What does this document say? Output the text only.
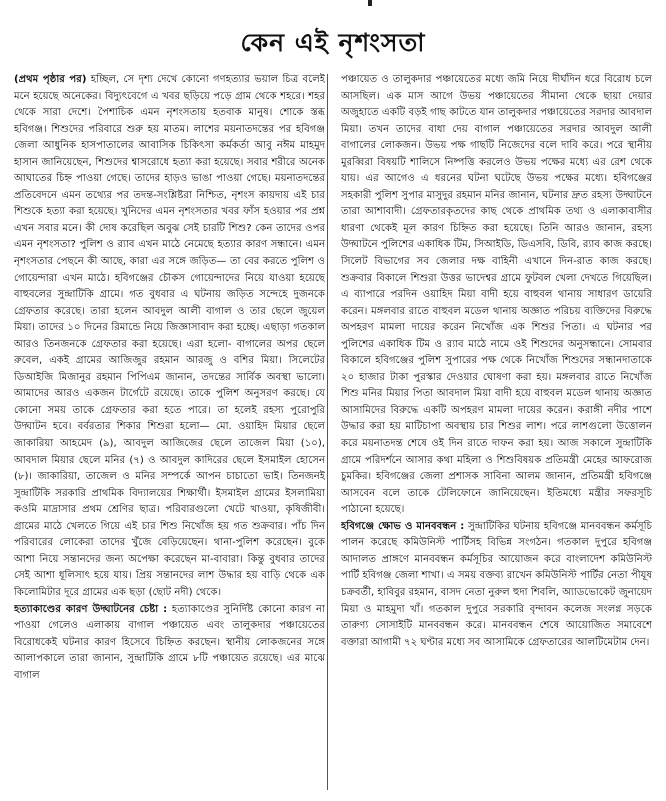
কেন এই নৃশংসতা

(প্রথম পৃষ্ঠার পর) হচ্ছিল, সে দৃশ্য দেখে কোনো গণহত্যার ভয়াল চিত্র বলেই মনে হয়েছে অনেকের। বিদ্যুৎবেগে এ খবর ছড়িয়ে পড়ে গ্রাম থেকে শহরে। শহর থেকে সারা দেশে। পৈশাচিক এমন নৃশংসতায় হতবাক মানুষ। শোকে স্তব্ধ হবিগঞ্জ। শিশুদের পরিবারে শুরু হয় মাতম। লাশের ময়নাতদন্তের পর হবিগঞ্জ জেলা আধুনিক হাসপাতালের আবাসিক চিকিৎসা কর্মকর্তা আবু নঈম মাহমুদ হাসান জানিয়েছেন, শিশুদের শ্বাসরোধে হত্যা করা হয়েছে। সবার শরীরে অনেক আঘাতের চিহ্ন পাওয়া গেছে। তাদের হাড়ও ভাঙা পাওয়া গেছে। ময়নাতদন্তের প্রতিবেদনে এমন তথ্যের পর তদন্ত-সংশ্লিষ্টরা নিশ্চিত, নৃশংস কায়দায় এই চার শিশুকে হত্যা করা হয়েছে। খুনিদের এমন নৃশংসতার খবর ফাঁস হওয়ার পর প্রশ্ন এখন সবার মনে। কী দোষ করেছিল অবুঝ সেই চারটি শিশু? কেন তাদের ওপর এমন নৃশংসতা? পুলিশ ও র‍্যাব এখন মাঠে নেমেছে হত্যার কারণ সন্ধানে। এমন নৃশংসতার পেছনে কী আছে, কারা এর সঙ্গে জড়িত— তা বের করতে পুলিশ ও গোয়েন্দারা এখন মাঠে। হবিগঞ্জের চৌকস গোয়েন্দাদের নিয়ে যাওয়া হয়েছে বাহুবলের সুন্দ্রাটিকি গ্রামে। গত বুধবার এ ঘটনায় জড়িত সন্দেহে দুজনকে গ্রেফতার করেছে। তারা হলেন আবদুল আলী বাগাল ও তার ছেলে জুয়েল মিয়া। তাদের ১০ দিনের রিমান্ডে নিয়ে জিজ্ঞাসাবাদ করা হচ্ছে। এছাড়া গতকাল আরও তিনজনকে গ্রেফতার করা হয়েছে। এরা হলো- বাগালের অপর ছেলে রুবেল, একই গ্রামের আজিজুর রহমান আরজু ও বশির মিয়া। সিলেটের ডিআইজি মিজানুর রহমান পিপিএম জানান, তদন্তের সার্বিক অবস্থা ভালো। আমাদের আরও একজন টার্গেটে রয়েছে। তাকে পুলিশ অনুসরণ করছে। যে কোনো সময় তাকে গ্রেফতার করা হতে পারে। তা হলেই রহস্য পুরোপুরি উদ্ঘাটন হবে। বর্বরতার শিকার শিশুরা হলো— মো. ওয়াহিদ মিয়ার ছেলে জাকারিয়া আহমেদ (৯), আবদুল আজিজের ছেলে তাজেল মিয়া (১০), আবদাল মিয়ার ছেলে মনির (৭) ও আবদুল কাদিরের ছেলে ইসমাইল হোসেন (৮)। জাকারিয়া, তাজেল ও মনির সম্পর্কে আপন চাচাতো ভাই। তিনজনই সুন্দ্রাটিকি সরকারি প্রাথমিক বিদ্যালয়ের শিক্ষার্থী। ইসমাইল গ্রামের ইসলামিয়া কওমি মাদ্রাসার প্রথম শ্রেণির ছাত্র। পরিবারগুলো খেটে খাওয়া, কৃষিজীবী। গ্রামের মাঠে খেলতে গিয়ে এই চার শিশু নিখোঁজ হয় গত শুক্রবার। পাঁচ দিন পরিবারের লোকেরা তাদের খুঁজে বেড়িয়েছেন। থানা-পুলিশ করেছেন। বুকে আশা নিয়ে সন্তানদের জন্য অপেক্ষা করেছেন মা-বাবারা। কিন্তু বুধবার তাদের সেই আশা ধূলিসাৎ হয়ে যায়। প্রিয় সন্তানদের লাশ উদ্ধার হয় বাড়ি থেকে এক কিলোমিটার দূরে গ্রামের এক ছড়া (ছোট নদী) থেকে।

হত্যাকাণ্ডের কারণ উদ্ঘাটনের চেষ্টা : হত্যাকাণ্ডের সুনির্দিষ্ট কোনো কারণ না পাওয়া গেলেও এলাকায় বাগাল পঞ্চায়েত এবং তালুকদার পঞ্চায়েতের বিরোধকেই ঘটনার কারণ হিসেবে চিহ্নিত করছেন। স্থানীয় লোকজনের সঙ্গে আলাপকালে তারা জানান, সুন্দ্রাটিকি গ্রামে ৮টি পঞ্চায়েত রয়েছে। এর মাঝে বাগাল

পঞ্চায়েত ও তালুকদার পঞ্চায়েতের মধ্যে জমি নিয়ে দীর্ঘদিন ধরে বিরোধ চলে আসছিল। এক মাস আগে উভয় পঞ্চায়েতের সীমানা থেকে ছায়া দেয়ার অজুহাতে একটি বড়ই গাছ কাটতে যান তালুকদার পঞ্চায়েতের সরদার আবদাল মিয়া। তখন তাদের বাধা দেয় বাগাল পঞ্চায়েতের সরদার আবদুল আলী বাগালের লোকজন। উভয় পক্ষ গাছটি নিজেদের বলে দাবি করে। পরে স্থানীয় মুরব্বিরা বিষয়টি শালিসে নিষ্পত্তি করলেও উভয় পক্ষের মধ্যে এর রেশ থেকে যায়। এর আগেও এ ধরনের ঘটনা ঘটেছে উভয় পক্ষের মধ্যে। হবিগঞ্জের সহকারী পুলিশ সুপার মাসুদুর রহমান মনির জানান, ঘটনার দ্রুত রহস্য উদ্ঘাটনে তারা আশাবাদী। গ্রেফতারকৃতদের কাছ থেকে প্রাথমিক তথ্য ও এলাকাবাসীর ধারণা থেকেই মূল কারণ চিহ্নিত করা হয়েছে। তিনি আরও জানান, রহস্য উদ্ঘাটনে পুলিশের একাধিক টিম, সিআইডি, ডিএসবি, ডিবি, র‍্যাব কাজ করছে। সিলেট বিভাগের সব জেলার দক্ষ বাহিনী এখানে দিন-রাত কাজ করছে। শুক্রবার বিকালে শিশুরা উত্তর ভাদেশ্বর গ্রামে ফুটবল খেলা দেখতে গিয়েছিল। এ ব্যাপারে পরদিন ওয়াহিদ মিয়া বাদী হয়ে বাহুবল থানায় সাধারণ ডায়েরি করেন। মঙ্গলবার রাতে বাহুবল মডেল থানায় অজ্ঞাত পরিচয় ব্যক্তিদের বিরুদ্ধে অপহরণ মামলা দায়ের করেন নিখোঁজ এক শিশুর পিতা। এ ঘটনার পর পুলিশের একাধিক টিম ও র‍্যাব মাঠে নামে ওই শিশুদের অনুসন্ধানে। সোমবার বিকালে হবিগঞ্জের পুলিশ সুপারের পক্ষ থেকে নিখোঁজ শিশুদের সন্ধানদাতাকে ২০ হাজার টাকা পুরস্কার দেওয়ার ঘোষণা করা হয়। মঙ্গলবার রাতে নিখোঁজ শিশু মনির মিয়ার পিতা আবদাল মিয়া বাদী হয়ে বাহুবল মডেল থানায় অজ্ঞাত আসামিদের বিরুদ্ধে একটি অপহরণ মামলা দায়ের করেন। করাঙ্গী নদীর পাশে উদ্ধার করা হয় মাটিচাপা অবস্থায় চার শিশুর লাশ। পরে লাশগুলো উত্তোলন করে ময়নাতদন্ত শেষে ওই দিন রাতে দাফন করা হয়। আজ সকালে সুন্দ্রাটিকি গ্রামে পরিদর্শনে আসার কথা মহিলা ও শিশুবিষয়ক প্রতিমন্ত্রী মেহের আফরোজ চুমকির। হবিগঞ্জের জেলা প্রশাসক সাবিনা আলম জানান, প্রতিমন্ত্রী হবিগঞ্জে আসবেন বলে তাকে টেলিফোনে জানিয়েছেন। ইতিমধ্যে মন্ত্রীর সফরসূচি পাঠানো হয়েছে।

হবিগঞ্জে ক্ষোভ ও মানববন্ধন : সুন্দ্রাটিকির ঘটনায় হবিগঞ্জে মানববন্ধন কর্মসূচি পালন করেছে কমিউনিস্ট পার্টিসহ বিভিন্ন সংগঠন। গতকাল দুপুরে হবিগঞ্জ আদালত প্রাঙ্গণে মানববন্ধন কর্মসূচির আয়োজন করে বাংলাদেশ কমিউনিস্ট পার্টি হবিগঞ্জ জেলা শাখা। এ সময় বক্তব্য রাখেন কমিউনিস্ট পার্টির নেতা পীযূষ চক্রবর্তী, হাবিবুর রহমান, বাসদ নেতা নুরুল হুদা শিবলি, অ্যাডভোকেট জুনায়েদ মিয়া ও মাহমুদা খাঁ। গতকাল দুপুরে সরকারি বৃন্দাবন কলেজ সংলগ্ন সড়কে তারুণ্য সোসাইটি মানববন্ধন করে। মানববন্ধন শেষে আয়োজিত সমাবেশে বক্তারা আগামী ৭২ ঘণ্টার মধ্যে সব আসামিকে গ্রেফতারের আলটিমেটাম দেন।
